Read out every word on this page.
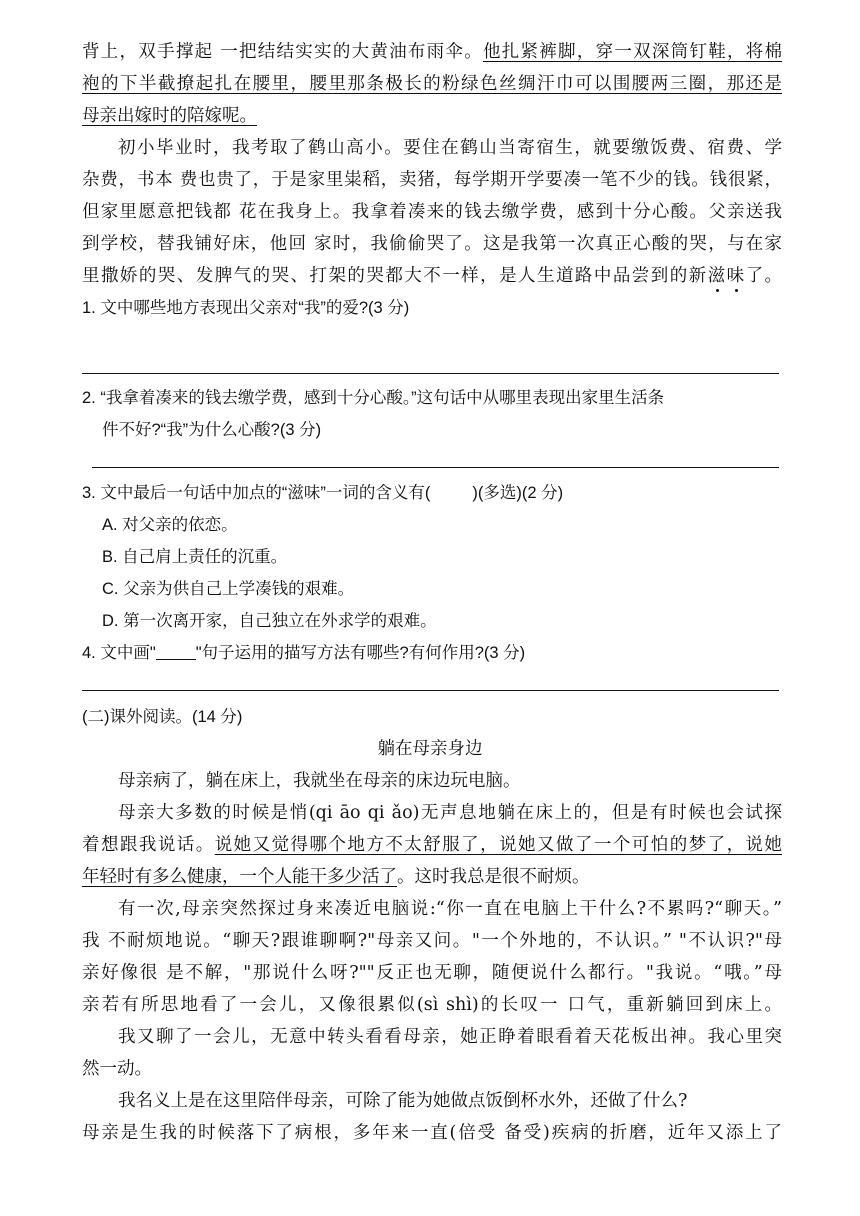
背上，双手撑起 一把结结实实的大黄油布雨伞。他扎紧裤脚，穿一双深筒钉鞋，将棉
袍的下半截撩起扎在腰里，腰里那条极长的粉绿色丝绸汗巾可以围腰两三圈，那还是
母亲出嫁时的陪嫁呢。
初小毕业时，我考取了鹤山高小。要住在鹤山当寄宿生，就要缴饭费、宿费、学
杂费，书本 费也贵了，于是家里粜稻，卖猪，每学期开学要凑一笔不少的钱。钱很紧，
但家里愿意把钱都 花在我身上。我拿着凑来的钱去缴学费，感到十分心酸。父亲送我
到学校，替我铺好床，他回 家时，我偷偷哭了。这是我第一次真正心酸的哭，与在家
里撒娇的哭、发脾气的哭、打架的哭都大不一样，是人生道路中品尝到的新滋味了。
1. 文中哪些地方表现出父亲对“我”的爱?(3 分)
2. “我拿着凑来的钱去缴学费，感到十分心酸。”这句话中从哪里表现出家里生活条
件不好?“我”为什么心酸?(3 分)
3. 文中最后一句话中加点的“滋味”一词的含义有(	)(多选)(2 分)
A. 对父亲的依恋。
B. 自己肩上责任的沉重。
C. 父亲为供自己上学凑钱的艰难。
D. 第一次离开家，自己独立在外求学的艰难。
4. 文中画" "句子运用的描写方法有哪些?有何作用?(3 分)
(二)课外阅读。(14 分)
躺在母亲身边
母亲病了，躺在床上，我就坐在母亲的床边玩电脑。
母亲大多数的时候是悄(qi āo qi ǎo)无声息地躺在床上的，但是有时候也会试探
着想跟我说话。说她又觉得哪个地方不太舒服了，说她又做了一个可怕的梦了，说她
年轻时有多么健康，一个人能干多少活了。这时我总是很不耐烦。
有一次,母亲突然探过身来凑近电脑说:“你一直在电脑上干什么?不累吗?“聊天。”
我 不耐烦地说。“聊天?跟谁聊啊?"母亲又问。"一个外地的，不认识。” "不认识?"母
亲好像很 是不解，"那说什么呀?""反正也无聊，随便说什么都行。"我说。“哦。”母
亲若有所思地看了一会儿，又像很累似(sì shì)的长叹一 口气，重新躺回到床上。
我又聊了一会儿，无意中转头看看母亲，她正睁着眼看着天花板出神。我心里突
然一动。
我名义上是在这里陪伴母亲，可除了能为她做点饭倒杯水外，还做了什么?
母亲是生我的时候落下了病根，多年来一直(倍受 备受)疾病的折磨，近年又添上了
